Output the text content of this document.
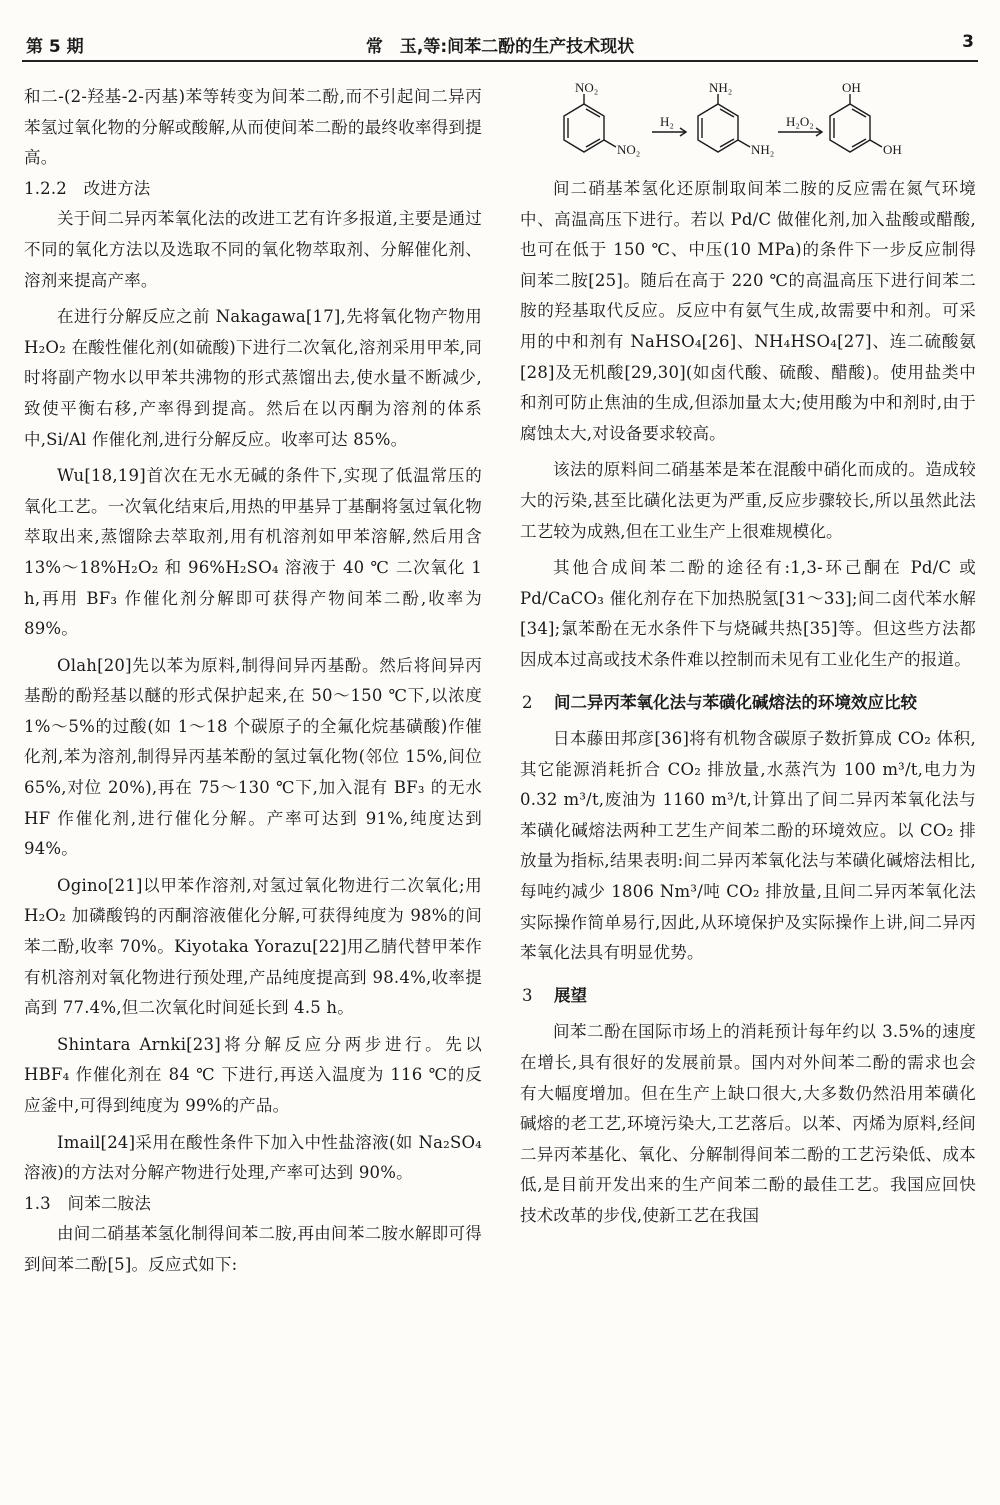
第 5 期	常　玉,等:间苯二酚的生产技术现状	3

和二-(2-羟基-2-丙基)苯等转变为间苯二酚,而不引起间二异丙苯氢过氧化物的分解或酸解,从而使间苯二酚的最终收率得到提高。

1.2.2　改进方法

关于间二异丙苯氧化法的改进工艺有许多报道,主要是通过不同的氧化方法以及选取不同的氧化物萃取剂、分解催化剂、溶剂来提高产率。

在进行分解反应之前 Nakagawa[17],先将氧化物产物用 H₂O₂ 在酸性催化剂(如硫酸)下进行二次氧化,溶剂采用甲苯,同时将副产物水以甲苯共沸物的形式蒸馏出去,使水量不断减少,致使平衡右移,产率得到提高。然后在以丙酮为溶剂的体系中,Si/Al 作催化剂,进行分解反应。收率可达 85%。

Wu[18,19]首次在无水无碱的条件下,实现了低温常压的氧化工艺。一次氧化结束后,用热的甲基异丁基酮将氢过氧化物萃取出来,蒸馏除去萃取剂,用有机溶剂如甲苯溶解,然后用含 13%～18%H₂O₂ 和 96%H₂SO₄ 溶液于 40 ℃ 二次氧化 1 h,再用 BF₃ 作催化剂分解即可获得产物间苯二酚,收率为 89%。

Olah[20]先以苯为原料,制得间异丙基酚。然后将间异丙基酚的酚羟基以醚的形式保护起来,在 50～150 ℃下,以浓度 1%～5%的过酸(如 1～18 个碳原子的全氟化烷基磺酸)作催化剂,苯为溶剂,制得异丙基苯酚的氢过氧化物(邻位 15%,间位 65%,对位 20%),再在 75～130 ℃下,加入混有 BF₃ 的无水 HF 作催化剂,进行催化分解。产率可达到 91%,纯度达到 94%。

Ogino[21]以甲苯作溶剂,对氢过氧化物进行二次氧化;用 H₂O₂ 加磷酸钨的丙酮溶液催化分解,可获得纯度为 98%的间苯二酚,收率 70%。Kiyotaka Yorazu[22]用乙腈代替甲苯作有机溶剂对氧化物进行预处理,产品纯度提高到 98.4%,收率提高到 77.4%,但二次氧化时间延长到 4.5 h。

Shintara Arnki[23]将分解反应分两步进行。先以 HBF₄ 作催化剂在 84 ℃ 下进行,再送入温度为 116 ℃的反应釜中,可得到纯度为 99%的产品。

Imail[24]采用在酸性条件下加入中性盐溶液(如 Na₂SO₄ 溶液)的方法对分解产物进行处理,产率可达到 90%。

1.3　间苯二胺法

由间二硝基苯氢化制得间苯二胺,再由间苯二胺水解即可得到间苯二酚[5]。反应式如下:

NO₂
NO₂
H₂
NH₂
NH₂
H₂O₂
OH
OH

间二硝基苯氢化还原制取间苯二胺的反应需在氮气环境中、高温高压下进行。若以 Pd/C 做催化剂,加入盐酸或醋酸,也可在低于 150 ℃、中压(10 MPa)的条件下一步反应制得间苯二胺[25]。随后在高于 220 ℃的高温高压下进行间苯二胺的羟基取代反应。反应中有氨气生成,故需要中和剂。可采用的中和剂有 NaHSO₄[26]、NH₄HSO₄[27]、连二硫酸氨[28]及无机酸[29,30](如卤代酸、硫酸、醋酸)。使用盐类中和剂可防止焦油的生成,但添加量太大;使用酸为中和剂时,由于腐蚀太大,对设备要求较高。

该法的原料间二硝基苯是苯在混酸中硝化而成的。造成较大的污染,甚至比磺化法更为严重,反应步骤较长,所以虽然此法工艺较为成熟,但在工业生产上很难规模化。

其他合成间苯二酚的途径有:1,3-环己酮在 Pd/C 或 Pd/CaCO₃ 催化剂存在下加热脱氢[31～33];间二卤代苯水解[34];氯苯酚在无水条件下与烧碱共热[35]等。但这些方法都因成本过高或技术条件难以控制而未见有工业化生产的报道。

2 间二异丙苯氧化法与苯磺化碱熔法的环境效应比较

日本藤田邦彦[36]将有机物含碳原子数折算成 CO₂ 体积,其它能源消耗折合 CO₂ 排放量,水蒸汽为 100 m³/t,电力为 0.32 m³/t,废油为 1160 m³/t,计算出了间二异丙苯氧化法与苯磺化碱熔法两种工艺生产间苯二酚的环境效应。以 CO₂ 排放量为指标,结果表明:间二异丙苯氧化法与苯磺化碱熔法相比,每吨约减少 1806 Nm³/吨 CO₂ 排放量,且间二异丙苯氧化法实际操作简单易行,因此,从环境保护及实际操作上讲,间二异丙苯氧化法具有明显优势。

3 展望

间苯二酚在国际市场上的消耗预计每年约以 3.5%的速度在增长,具有很好的发展前景。国内对外间苯二酚的需求也会有大幅度增加。但在生产上缺口很大,大多数仍然沿用苯磺化碱熔的老工艺,环境污染大,工艺落后。以苯、丙烯为原料,经间二异丙苯基化、氧化、分解制得间苯二酚的工艺污染低、成本低,是目前开发出来的生产间苯二酚的最佳工艺。我国应回快技术改革的步伐,使新工艺在我国
